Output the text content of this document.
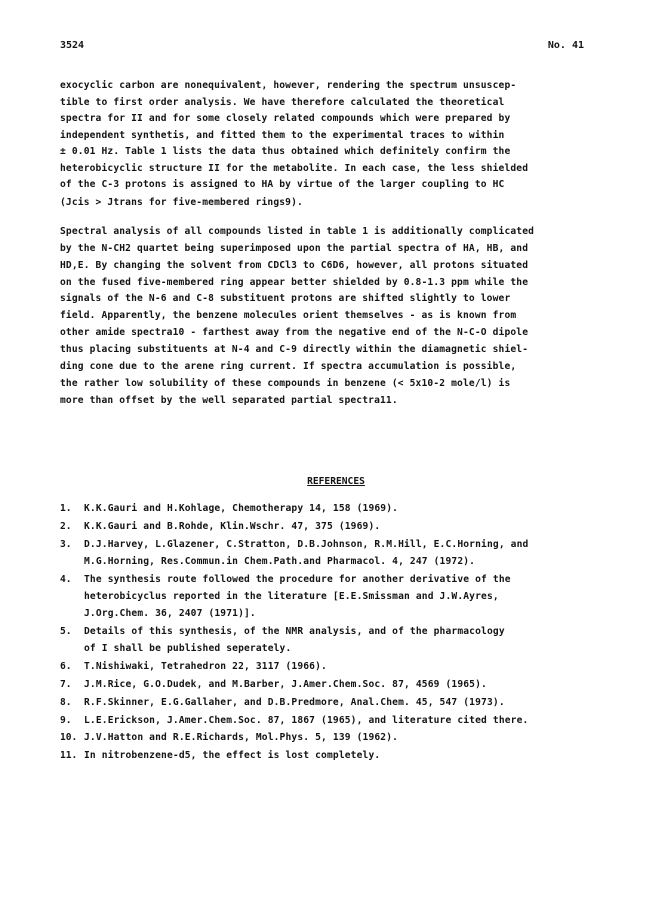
3524	No. 41
exocyclic carbon are nonequivalent, however, rendering the spectrum unsuscep-
tible to first order analysis. We have therefore calculated the theoretical
spectra for II and for some closely related compounds which were prepared by
independent synthetis, and fitted them to the experimental traces to within
± 0.01 Hz. Table 1 lists the data thus obtained which definitely confirm the
heterobicyclic structure II for the metabolite. In each case, the less shielded
of the C-3 protons is assigned to HA by virtue of the larger coupling to HC
(Jcis > Jtrans for five-membered rings9).
Spectral analysis of all compounds listed in table 1 is additionally complicated
by the N-CH2 quartet being superimposed upon the partial spectra of HA, HB, and
HD,E. By changing the solvent from CDCl3 to C6D6, however, all protons situated
on the fused five-membered ring appear better shielded by 0.8-1.3 ppm while the
signals of the N-6 and C-8 substituent protons are shifted slightly to lower
field. Apparently, the benzene molecules orient themselves - as is known from
other amide spectra10 - farthest away from the negative end of the N-C-O dipole
thus placing substituents at N-4 and C-9 directly within the diamagnetic shiel-
ding cone due to the arene ring current. If spectra accumulation is possible,
the rather low solubility of these compounds in benzene (< 5x10-2 mole/l) is
more than offset by the well separated partial spectra11.
REFERENCES
1. K.K.Gauri and H.Kohlage, Chemotherapy 14, 158 (1969).
2. K.K.Gauri and B.Rohde, Klin.Wschr. 47, 375 (1969).
3. D.J.Harvey, L.Glazener, C.Stratton, D.B.Johnson, R.M.Hill, E.C.Horning, and
M.G.Horning, Res.Commun.in Chem.Path.and Pharmacol. 4, 247 (1972).
4. The synthesis route followed the procedure for another derivative of the
heterobicyclus reported in the literature [E.E.Smissman and J.W.Ayres,
J.Org.Chem. 36, 2407 (1971)].
5. Details of this synthesis, of the NMR analysis, and of the pharmacology
of I shall be published seperately.
6. T.Nishiwaki, Tetrahedron 22, 3117 (1966).
7. J.M.Rice, G.O.Dudek, and M.Barber, J.Amer.Chem.Soc. 87, 4569 (1965).
8. R.F.Skinner, E.G.Gallaher, and D.B.Predmore, Anal.Chem. 45, 547 (1973).
9. L.E.Erickson, J.Amer.Chem.Soc. 87, 1867 (1965), and literature cited there.
10. J.V.Hatton and R.E.Richards, Mol.Phys. 5, 139 (1962).
11. In nitrobenzene-d5, the effect is lost completely.
